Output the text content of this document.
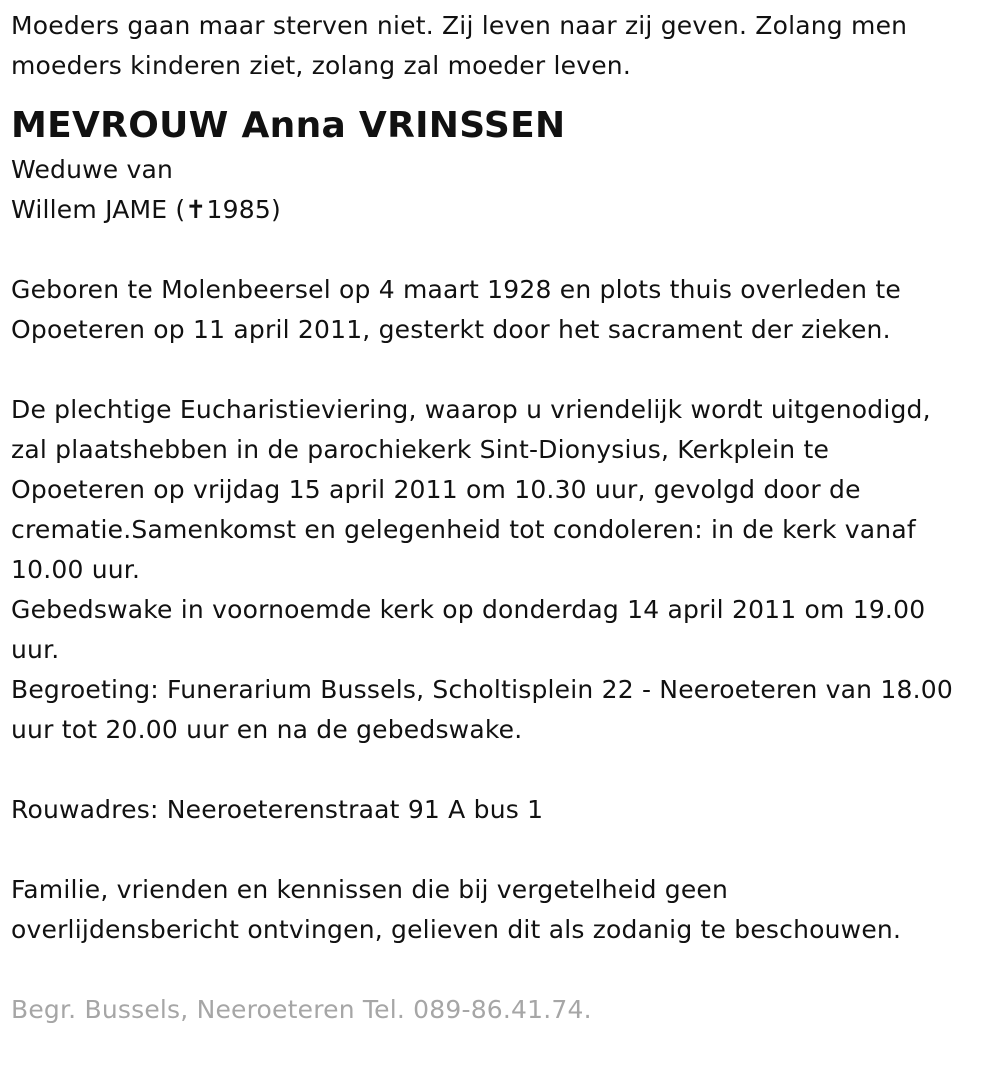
Moeders gaan maar sterven niet. Zij leven naar zij geven. Zolang men

moeders kinderen ziet, zolang zal moeder leven.

MEVROUW Anna VRINSSEN

Weduwe van

Willem JAME (✝1985)

Geboren te Molenbeersel op 4 maart 1928 en plots thuis overleden te

Opoeteren op 11 april 2011, gesterkt door het sacrament der zieken.

De plechtige Eucharistieviering, waarop u vriendelijk wordt uitgenodigd,

zal plaatshebben in de parochiekerk Sint-Dionysius, Kerkplein te

Opoeteren op vrijdag 15 april 2011 om 10.30 uur, gevolgd door de

crematie.Samenkomst en gelegenheid tot condoleren: in de kerk vanaf

10.00 uur.

Gebedswake in voornoemde kerk op donderdag 14 april 2011 om 19.00

uur.

Begroeting: Funerarium Bussels, Scholtisplein 22 - Neeroeteren van 18.00

uur tot 20.00 uur en na de gebedswake.

Rouwadres: Neeroeterenstraat 91 A bus 1

Familie, vrienden en kennissen die bij vergetelheid geen

overlijdensbericht ontvingen, gelieven dit als zodanig te beschouwen.

Begr. Bussels, Neeroeteren Tel. 089-86.41.74.
